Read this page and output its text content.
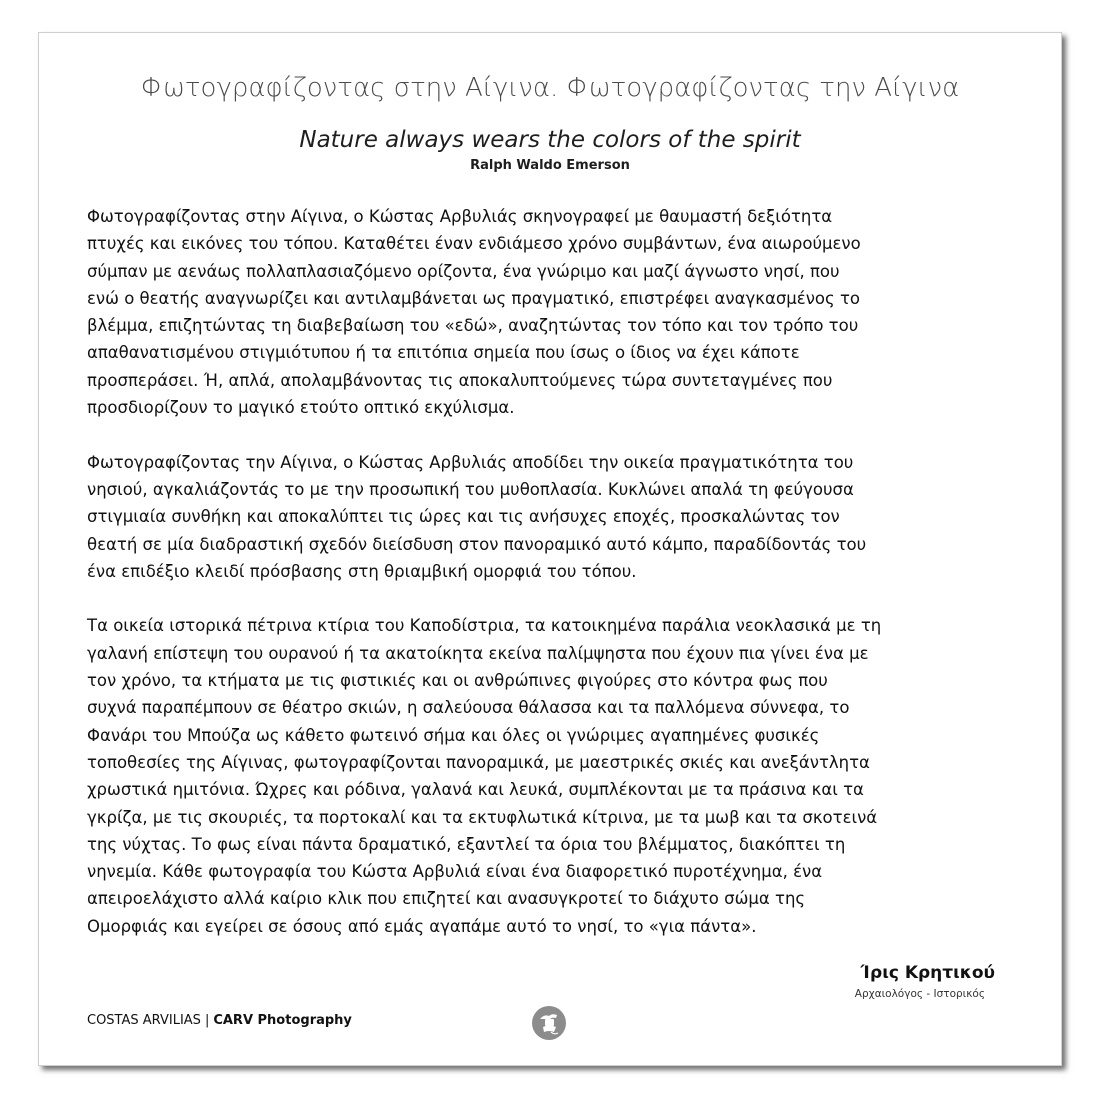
Φωτογραφίζοντας στην Αίγινα. Φωτογραφίζοντας την Αίγινα
Nature always wears the colors of the spirit
Ralph Waldo Emerson

Φωτογραφίζοντας στην Αίγινα, ο Κώστας Αρβυλιάς σκηνογραφεί με θαυμαστή δεξιότητα
πτυχές και εικόνες του τόπου. Καταθέτει έναν ενδιάμεσο χρόνο συμβάντων, ένα αιωρούμενο
σύμπαν με αενάως πολλαπλασιαζόμενο ορίζοντα, ένα γνώριμο και μαζί άγνωστο νησί, που
ενώ ο θεατής αναγνωρίζει και αντιλαμβάνεται ως πραγματικό, επιστρέφει αναγκασμένος το
βλέμμα, επιζητώντας τη διαβεβαίωση του «εδώ», αναζητώντας τον τόπο και τον τρόπο του
απαθανατισμένου στιγμιότυπου ή τα επιτόπια σημεία που ίσως ο ίδιος να έχει κάποτε
προσπεράσει. Ή, απλά, απολαμβάνοντας τις αποκαλυπτούμενες τώρα συντεταγμένες που
προσδιορίζουν το μαγικό ετούτο οπτικό εκχύλισμα.

Φωτογραφίζοντας την Αίγινα, ο Κώστας Αρβυλιάς αποδίδει την οικεία πραγματικότητα του
νησιού, αγκαλιάζοντάς το με την προσωπική του μυθοπλασία. Κυκλώνει απαλά τη φεύγουσα
στιγμιαία συνθήκη και αποκαλύπτει τις ώρες και τις ανήσυχες εποχές, προσκαλώντας τον
θεατή σε μία διαδραστική σχεδόν διείσδυση στον πανοραμικό αυτό κάμπο, παραδίδοντάς του
ένα επιδέξιο κλειδί πρόσβασης στη θριαμβική ομορφιά του τόπου.

Τα οικεία ιστορικά πέτρινα κτίρια του Καποδίστρια, τα κατοικημένα παράλια νεοκλασικά με τη
γαλανή επίστεψη του ουρανού ή τα ακατοίκητα εκείνα παλίμψηστα που έχουν πια γίνει ένα με
τον χρόνο, τα κτήματα με τις φιστικιές και οι ανθρώπινες φιγούρες στο κόντρα φως που
συχνά παραπέμπουν σε θέατρο σκιών, η σαλεύουσα θάλασσα και τα παλλόμενα σύννεφα, το
Φανάρι του Μπούζα ως κάθετο φωτεινό σήμα και όλες οι γνώριμες αγαπημένες φυσικές
τοποθεσίες της Αίγινας, φωτογραφίζονται πανοραμικά, με μαεστρικές σκιές και ανεξάντλητα
χρωστικά ημιτόνια. Ώχρες και ρόδινα, γαλανά και λευκά, συμπλέκονται με τα πράσινα και τα
γκρίζα, με τις σκουριές, τα πορτοκαλί και τα εκτυφλωτικά κίτρινα, με τα μωβ και τα σκοτεινά
της νύχτας. Το φως είναι πάντα δραματικό, εξαντλεί τα όρια του βλέμματος, διακόπτει τη
νηνεμία. Κάθε φωτογραφία του Κώστα Αρβυλιά είναι ένα διαφορετικό πυροτέχνημα, ένα
απειροελάχιστο αλλά καίριο κλικ που επιζητεί και ανασυγκροτεί το διάχυτο σώμα της
Ομορφιάς και εγείρει σε όσους από εμάς αγαπάμε αυτό το νησί, το «για πάντα».

Ίρις Κρητικού
Αρχαιολόγος - Ιστορικός
COSTAS ARVILIAS | CARV Photography
